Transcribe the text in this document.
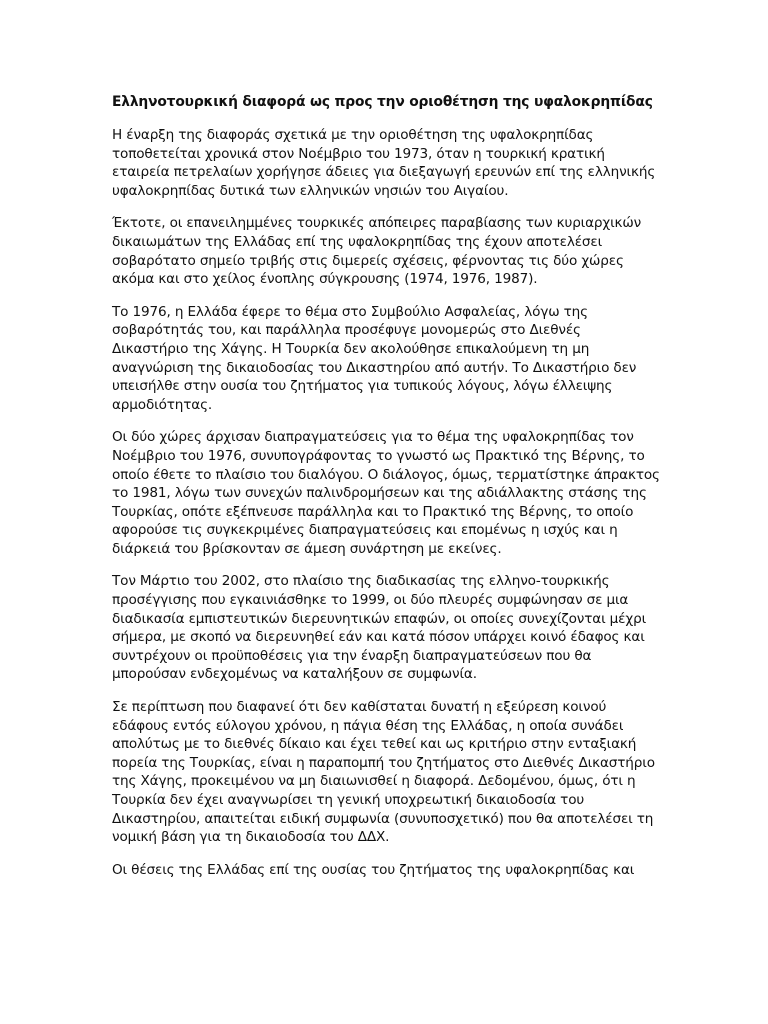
Ελληνοτουρκική διαφορά ως προς την οριοθέτηση της υφαλοκρηπίδας
Η έναρξη της διαφοράς σχετικά με την οριοθέτηση της υφαλοκρηπίδας τοποθετείται χρονικά στον Νοέμβριο του 1973, όταν η τουρκική κρατική εταιρεία πετρελαίων χορήγησε άδειες για διεξαγωγή ερευνών επί της ελληνικής υφαλοκρηπίδας δυτικά των ελληνικών νησιών του Αιγαίου.
Έκτοτε, οι επανειλημμένες τουρκικές απόπειρες παραβίασης των κυριαρχικών δικαιωμάτων της Ελλάδας επί της υφαλοκρηπίδας της έχουν αποτελέσει σοβαρότατο σημείο τριβής στις διμερείς σχέσεις, φέρνοντας τις δύο χώρες ακόμα και στο χείλος ένοπλης σύγκρουσης (1974, 1976, 1987).
Το 1976, η Ελλάδα έφερε το θέμα στο Συμβούλιο Ασφαλείας, λόγω της σοβαρότητάς του, και παράλληλα προσέφυγε μονομερώς στο Διεθνές Δικαστήριο της Χάγης. Η Τουρκία δεν ακολούθησε επικαλούμενη τη μη αναγνώριση της δικαιοδοσίας του Δικαστηρίου από αυτήν. Το Δικαστήριο δεν υπεισήλθε στην ουσία του ζητήματος για τυπικούς λόγους, λόγω έλλειψης αρμοδιότητας.
Οι δύο χώρες άρχισαν διαπραγματεύσεις για το θέμα της υφαλοκρηπίδας τον Νοέμβριο του 1976, συνυπογράφοντας το γνωστό ως Πρακτικό της Βέρνης, το οποίο έθετε το πλαίσιο του διαλόγου. Ο διάλογος, όμως, τερματίστηκε άπρακτος το 1981, λόγω των συνεχών παλινδρομήσεων και της αδιάλλακτης στάσης της Τουρκίας, οπότε εξέπνευσε παράλληλα και το Πρακτικό της Βέρνης, το οποίο αφορούσε τις συγκεκριμένες διαπραγματεύσεις και επομένως η ισχύς και η διάρκειά του βρίσκονταν σε άμεση συνάρτηση με εκείνες.
Τον Μάρτιο του 2002, στο πλαίσιο της διαδικασίας της ελληνο-τουρκικής προσέγγισης που εγκαινιάσθηκε το 1999, οι δύο πλευρές συμφώνησαν σε μια διαδικασία εμπιστευτικών διερευνητικών επαφών, οι οποίες συνεχίζονται μέχρι σήμερα, με σκοπό να διερευνηθεί εάν και κατά πόσον υπάρχει κοινό έδαφος και συντρέχουν οι προϋποθέσεις για την έναρξη διαπραγματεύσεων που θα μπορούσαν ενδεχομένως να καταλήξουν σε συμφωνία.
Σε περίπτωση που διαφανεί ότι δεν καθίσταται δυνατή η εξεύρεση κοινού εδάφους εντός εύλογου χρόνου, η πάγια θέση της Ελλάδας, η οποία συνάδει απολύτως με το διεθνές δίκαιο και έχει τεθεί και ως κριτήριο στην ενταξιακή πορεία της Τουρκίας, είναι η παραπομπή του ζητήματος στο Διεθνές Δικαστήριο της Χάγης, προκειμένου να μη διαιωνισθεί η διαφορά. Δεδομένου, όμως, ότι η Τουρκία δεν έχει αναγνωρίσει τη γενική υποχρεωτική δικαιοδοσία του Δικαστηρίου, απαιτείται ειδική συμφωνία (συνυποσχετικό) που θα αποτελέσει τη νομική βάση για τη δικαιοδοσία του ΔΔΧ.
Οι θέσεις της Ελλάδας επί της ουσίας του ζητήματος της υφαλοκρηπίδας και
